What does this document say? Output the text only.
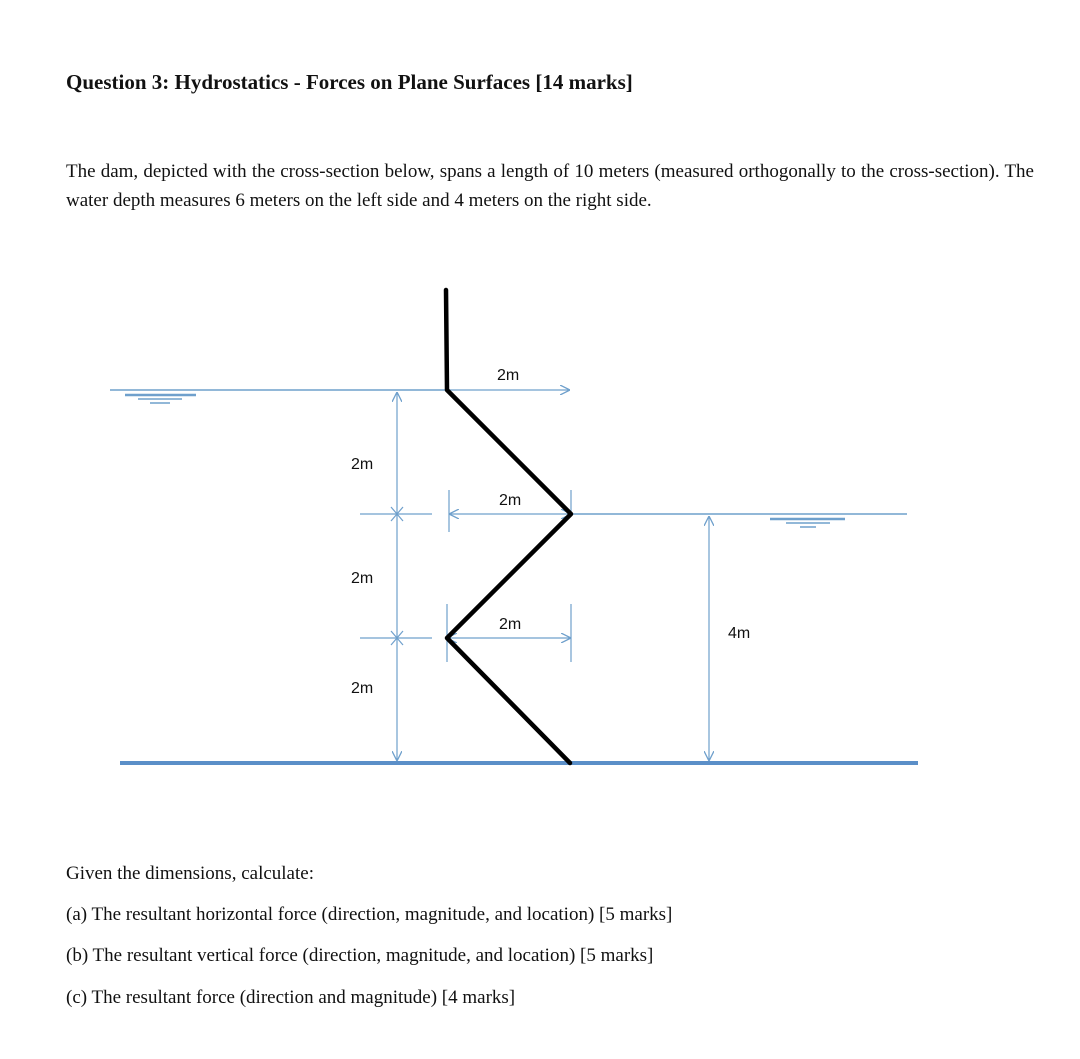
Question 3: Hydrostatics - Forces on Plane Surfaces [14 marks]
The dam, depicted with the cross-section below, spans a length of 10 meters (measured orthogonally to the cross-section). The water depth measures 6 meters on the left side and 4 meters on the right side.
2m
2m
2m
2m
2m
2m
4m
Given the dimensions, calculate:
(a) The resultant horizontal force (direction, magnitude, and location) [5 marks]
(b) The resultant vertical force (direction, magnitude, and location) [5 marks]
(c) The resultant force (direction and magnitude) [4 marks]
